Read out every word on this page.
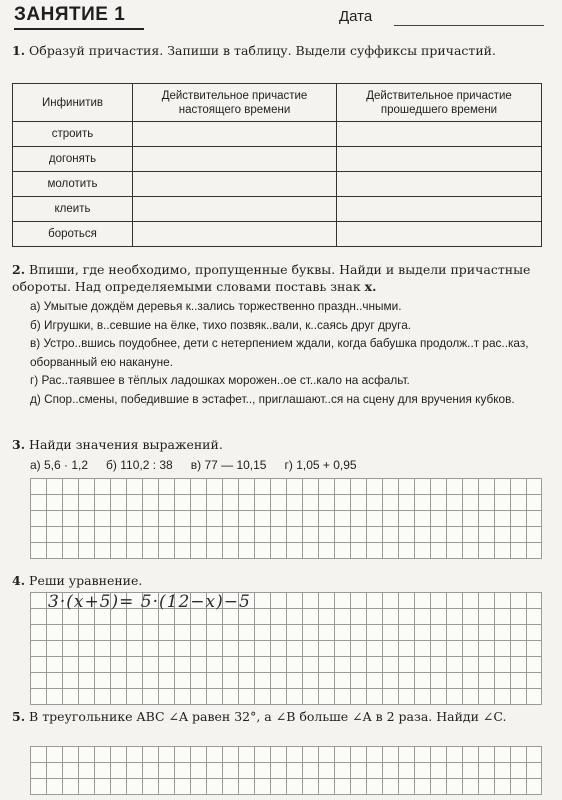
ЗАНЯТИЕ 1	Дата
1. Образуй причастия. Запиши в таблицу. Выдели суффиксы причастий.
Инфинитив	Действительное причастие настоящего времени	Действительное причастие прошедшего времени
строить		
догонять		
молотить		
клеить		
бороться		
2. Впиши, где необходимо, пропущенные буквы. Найди и выдели причастные обороты. Над определяемыми словами поставь знак х.
а) Умытые дождём деревья к..зались торжественно праздн..чными.
б) Игрушки, в..севшие на ёлке, тихо позвяк..вали, к..саясь друг друга.
в) Устро..вшись поудобнее, дети с нетерпением ждали, когда бабушка продолж..т рас..каз, оборванный ею накануне.
г) Рас..таявшее в тёплых ладошках морожен..ое ст..кало на асфальт.
д) Спор..смены, победившие в эстафет.., приглашают..ся на сцену для вручения кубков.
3. Найди значения выражений.
а) 5,6 · 1,2 б) 110,2 : 38 в) 77 — 10,15 г) 1,05 + 0,95
4. Реши уравнение.
3·(x+5)= 5·(12−x)−5
5. В треугольнике ABC ∠A равен 32°, а ∠B больше ∠A в 2 раза. Найди ∠C.
